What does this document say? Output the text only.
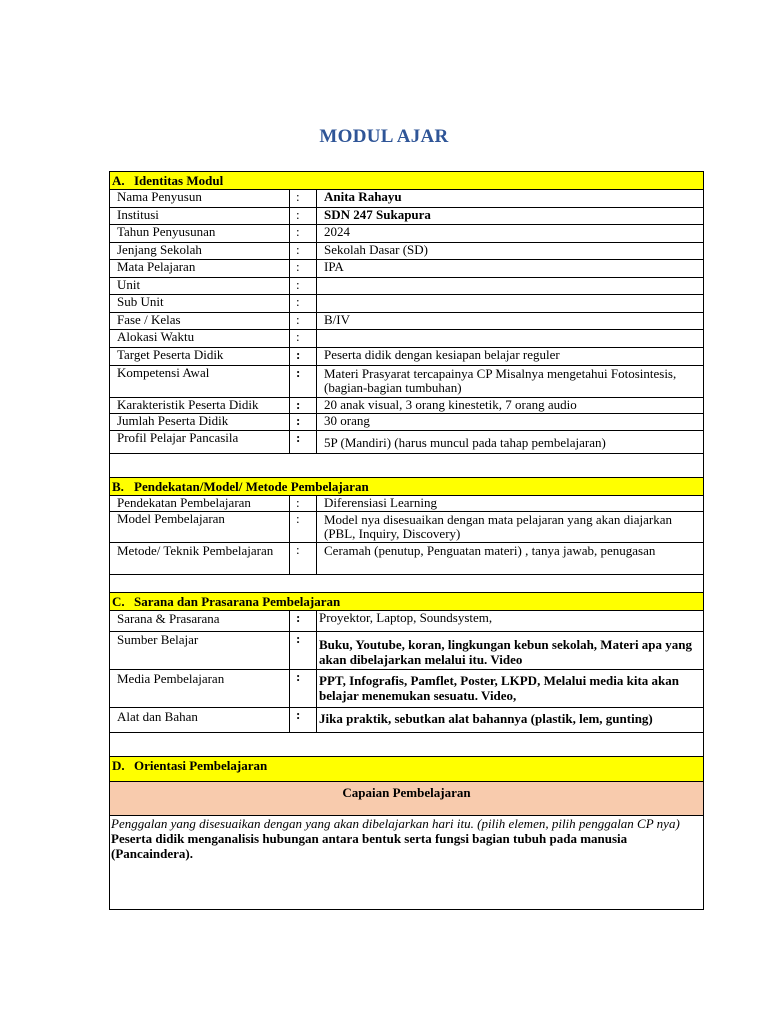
MODUL AJAR
A. Identitas Modul
Nama Penyusun	:	Anita Rahayu
Institusi	:	SDN 247 Sukapura
Tahun Penyusunan	:	2024
Jenjang Sekolah	:	Sekolah Dasar (SD)
Mata Pelajaran	:	IPA
Unit	:
Sub Unit	:
Fase / Kelas	:	B/IV
Alokasi Waktu	:
Target Peserta Didik	:	Peserta didik dengan kesiapan belajar reguler
Kompetensi Awal	:	Materi Prasyarat tercapainya CP Misalnya mengetahui Fotosintesis, (bagian-bagian tumbuhan)
Karakteristik Peserta Didik	:	20 anak visual, 3 orang kinestetik, 7 orang audio
Jumlah Peserta Didik	:	30 orang
Profil Pelajar Pancasila	:	5P (Mandiri) (harus muncul pada tahap pembelajaran)
B. Pendekatan/Model/ Metode Pembelajaran
Pendekatan Pembelajaran	:	Diferensiasi Learning
Model Pembelajaran	:	Model nya disesuaikan dengan mata pelajaran yang akan diajarkan (PBL, Inquiry, Discovery)
Metode/ Teknik Pembelajaran	:	Ceramah (penutup, Penguatan materi) , tanya jawab, penugasan
C. Sarana dan Prasarana Pembelajaran
Sarana & Prasarana	:	Proyektor, Laptop, Soundsystem,
Sumber Belajar	:	Buku, Youtube, koran, lingkungan kebun sekolah, Materi apa yang akan dibelajarkan melalui itu. Video
Media Pembelajaran	:	PPT, Infografis, Pamflet, Poster, LKPD, Melalui media kita akan belajar menemukan sesuatu. Video,
Alat dan Bahan	:	Jika praktik, sebutkan alat bahannya (plastik, lem, gunting)
D. Orientasi Pembelajaran
Capaian Pembelajaran
Penggalan yang disesuaikan dengan yang akan dibelajarkan hari itu. (pilih elemen, pilih penggalan CP nya)
Peserta didik menganalisis hubungan antara bentuk serta fungsi bagian tubuh pada manusia (Pancaindera).
